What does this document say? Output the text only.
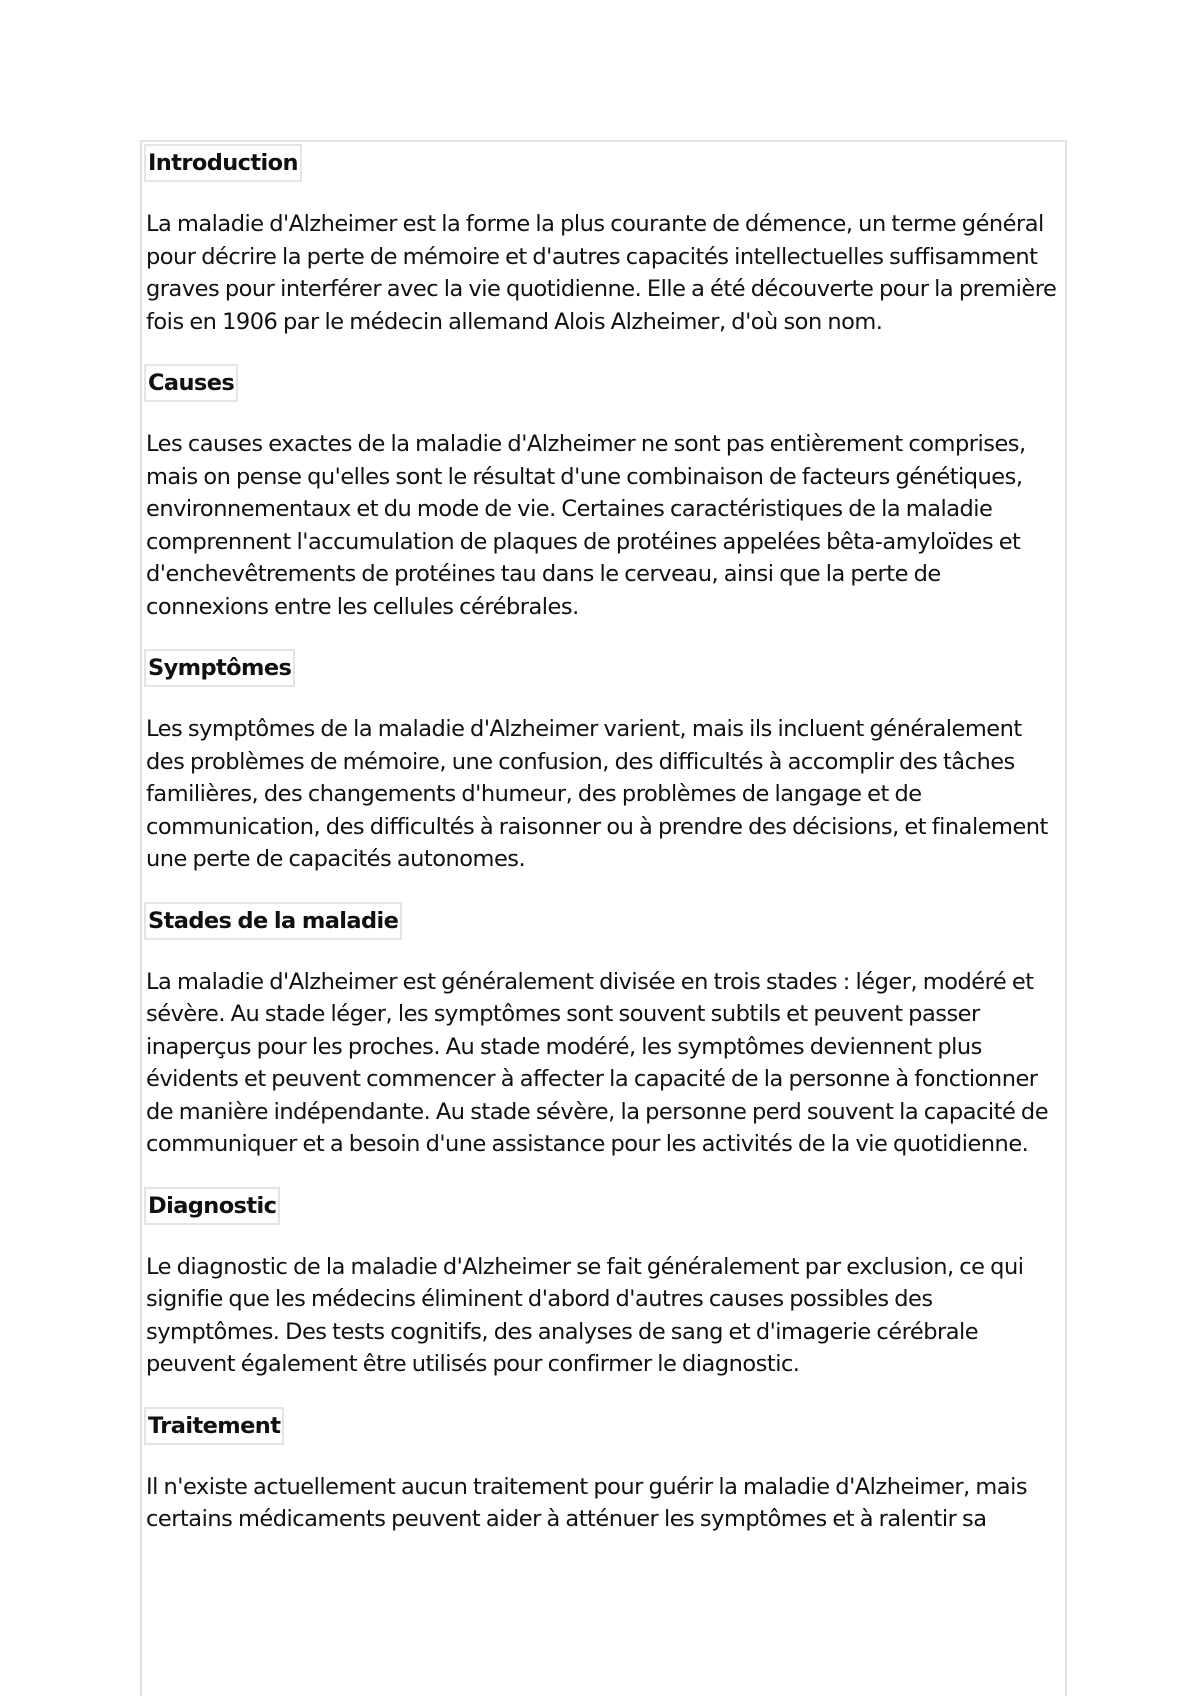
Introduction

La maladie d'Alzheimer est la forme la plus courante de démence, un terme général pour décrire la perte de mémoire et d'autres capacités intellectuelles suffisamment graves pour interférer avec la vie quotidienne. Elle a été découverte pour la première fois en 1906 par le médecin allemand Alois Alzheimer, d'où son nom.

Causes

Les causes exactes de la maladie d'Alzheimer ne sont pas entièrement comprises, mais on pense qu'elles sont le résultat d'une combinaison de facteurs génétiques, environnementaux et du mode de vie. Certaines caractéristiques de la maladie comprennent l'accumulation de plaques de protéines appelées bêta-amyloïdes et d'enchevêtrements de protéines tau dans le cerveau, ainsi que la perte de connexions entre les cellules cérébrales.

Symptômes

Les symptômes de la maladie d'Alzheimer varient, mais ils incluent généralement des problèmes de mémoire, une confusion, des difficultés à accomplir des tâches familières, des changements d'humeur, des problèmes de langage et de communication, des difficultés à raisonner ou à prendre des décisions, et finalement une perte de capacités autonomes.

Stades de la maladie

La maladie d'Alzheimer est généralement divisée en trois stades : léger, modéré et sévère. Au stade léger, les symptômes sont souvent subtils et peuvent passer inaperçus pour les proches. Au stade modéré, les symptômes deviennent plus évidents et peuvent commencer à affecter la capacité de la personne à fonctionner de manière indépendante. Au stade sévère, la personne perd souvent la capacité de communiquer et a besoin d'une assistance pour les activités de la vie quotidienne.

Diagnostic

Le diagnostic de la maladie d'Alzheimer se fait généralement par exclusion, ce qui signifie que les médecins éliminent d'abord d'autres causes possibles des symptômes. Des tests cognitifs, des analyses de sang et d'imagerie cérébrale peuvent également être utilisés pour confirmer le diagnostic.

Traitement

Il n'existe actuellement aucun traitement pour guérir la maladie d'Alzheimer, mais certains médicaments peuvent aider à atténuer les symptômes et à ralentir sa
